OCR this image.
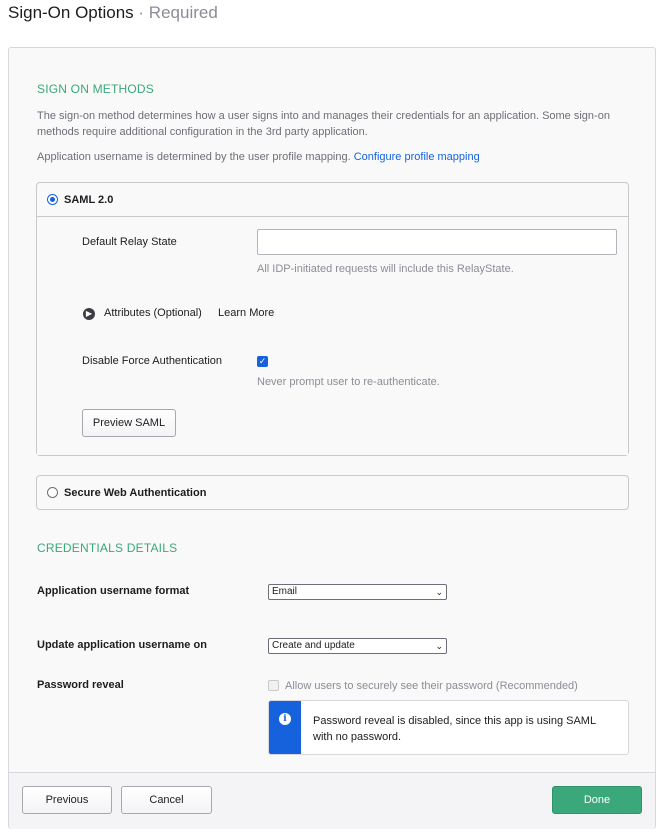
Sign-On Options · Required
SIGN ON METHODS
The sign-on method determines how a user signs into and manages their credentials for an application. Some sign-on methods require additional configuration in the 3rd party application.
Application username is determined by the user profile mapping. Configure profile mapping
SAML 2.0
Default Relay State
All IDP-initiated requests will include this RelayState.
▶ Attributes (Optional) Learn More
Disable Force Authentication	✓
Never prompt user to re-authenticate.
Preview SAML
Secure Web Authentication
CREDENTIALS DETAILS
Application username format	Email	⌄
Update application username on	Create and update	⌄
Password reveal	Allow users to securely see their password (Recommended)
i	Password reveal is disabled, since this app is using SAML with no password.
Previous	Cancel	Done
